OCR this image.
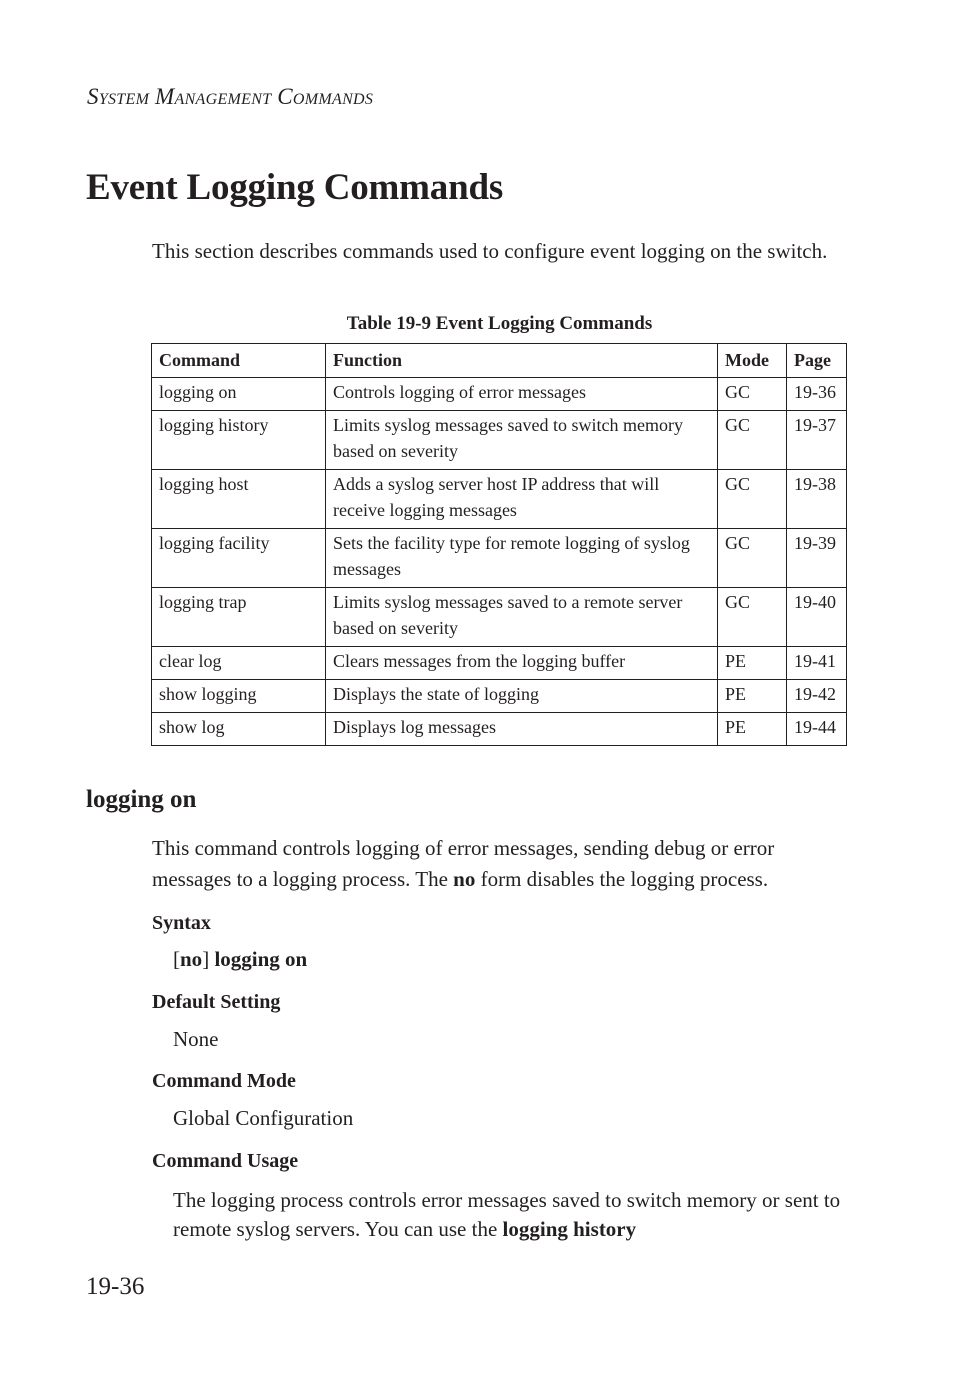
SYSTEM MANAGEMENT COMMANDS
Event Logging Commands

This section describes commands used to configure event logging on the switch.

Table 19-9 Event Logging Commands
Command	Function	Mode	Page
logging on	Controls logging of error messages	GC	19-36
logging history	Limits syslog messages saved to switch memory based on severity	GC	19-37
logging host	Adds a syslog server host IP address that will receive logging messages	GC	19-38
logging facility	Sets the facility type for remote logging of syslog messages	GC	19-39
logging trap	Limits syslog messages saved to a remote server based on severity	GC	19-40
clear log	Clears messages from the logging buffer	PE	19-41
show logging	Displays the state of logging	PE	19-42
show log	Displays log messages	PE	19-44
logging on

This command controls logging of error messages, sending debug or error messages to a logging process. The no form disables the logging process.

Syntax

[no] logging on

Default Setting

None

Command Mode

Global Configuration

Command Usage

The logging process controls error messages saved to switch memory or sent to remote syslog servers. You can use the logging history

19-36
